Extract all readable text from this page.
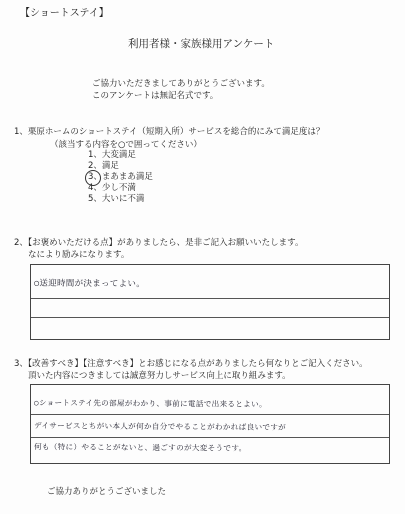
【ショートステイ】
利用者様・家族様用アンケート
ご協力いただきましてありがとうございます。
このアンケートは無記名式です。
1、栗原ホームのショートステイ（短期入所）サービスを総合的にみて満足度は？
（該当する内容を○で囲ってください）
1、大変満足
2、満足
3、まあまあ満足
4、少し不満
5、大いに不満
2、【お褒めいただける点】がありましたら、是非ご記入お願いいたします。
なにより励みになります。
○送迎時間が決まってよい。
3、【改善すべき】【注意すべき】とお感じになる点がありましたら何なりとご記入ください。
頂いた内容につきましては誠意努力しサービス向上に取り組みます。
○ショートステイ先の部屋がわかり、事前に電話で出来るとよい。
デイサービスとちがい本人が何か自分でやることがわかれば良いですが
何も（特に）やることがないと、過ごすのが大変そうです。
ご協力ありがとうございました
